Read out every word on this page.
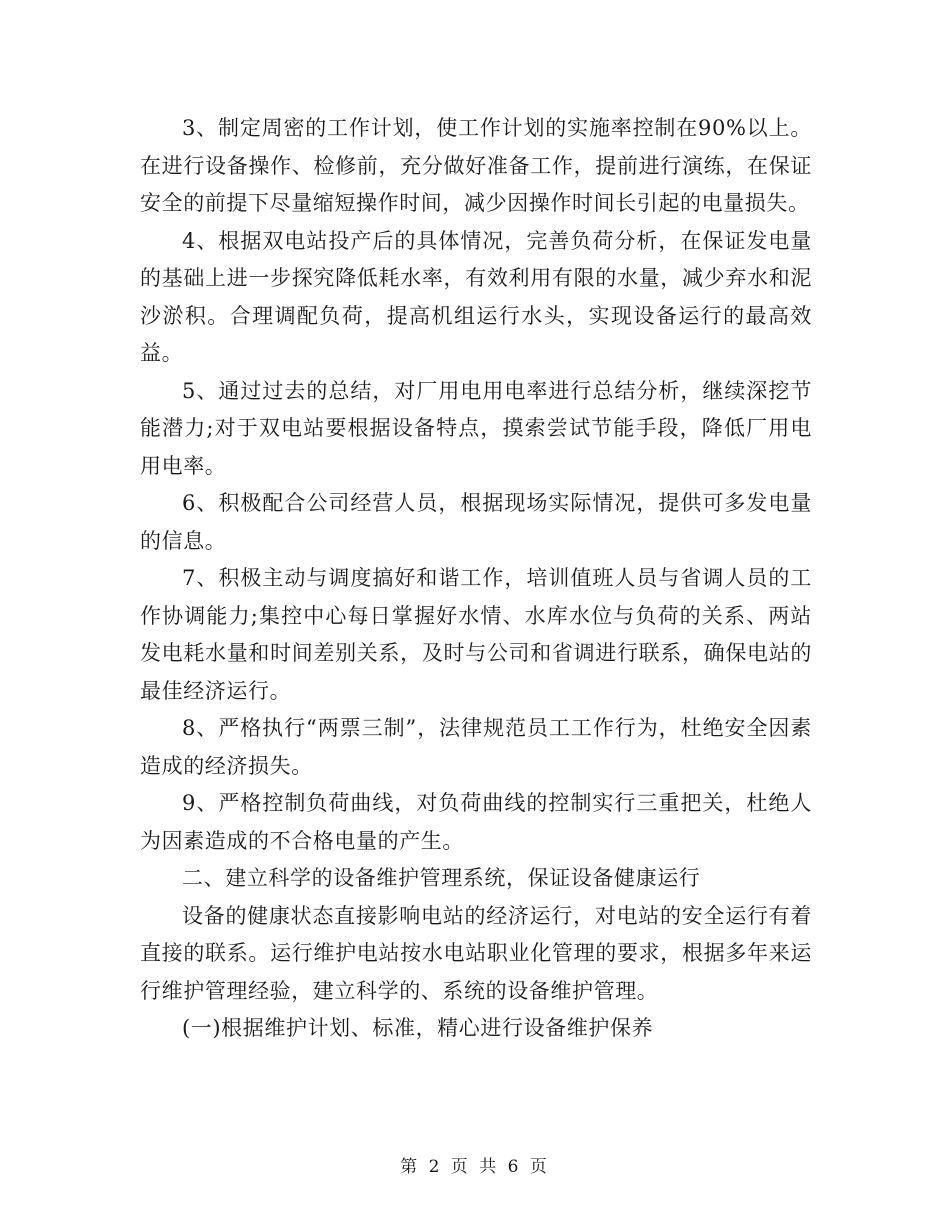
3、制定周密的工作计划，使工作计划的实施率控制在90%以上。在进行设备操作、检修前，充分做好准备工作，提前进行演练，在保证安全的前提下尽量缩短操作时间，减少因操作时间长引起的电量损失。

4、根据双电站投产后的具体情况，完善负荷分析，在保证发电量的基础上进一步探究降低耗水率，有效利用有限的水量，减少弃水和泥沙淤积。合理调配负荷，提高机组运行水头，实现设备运行的最高效益。

5、通过过去的总结，对厂用电用电率进行总结分析，继续深挖节能潜力;对于双电站要根据设备特点，摸索尝试节能手段，降低厂用电用电率。

6、积极配合公司经营人员，根据现场实际情况，提供可多发电量的信息。

7、积极主动与调度搞好和谐工作，培训值班人员与省调人员的工作协调能力;集控中心每日掌握好水情、水库水位与负荷的关系、两站发电耗水量和时间差别关系，及时与公司和省调进行联系，确保电站的最佳经济运行。

8、严格执行“两票三制”，法律规范员工工作行为，杜绝安全因素造成的经济损失。

9、严格控制负荷曲线，对负荷曲线的控制实行三重把关，杜绝人为因素造成的不合格电量的产生。

二、建立科学的设备维护管理系统，保证设备健康运行

设备的健康状态直接影响电站的经济运行，对电站的安全运行有着直接的联系。运行维护电站按水电站职业化管理的要求，根据多年来运行维护管理经验，建立科学的、系统的设备维护管理。

(一)根据维护计划、标准，精心进行设备维护保养

第 2 页 共 6 页
